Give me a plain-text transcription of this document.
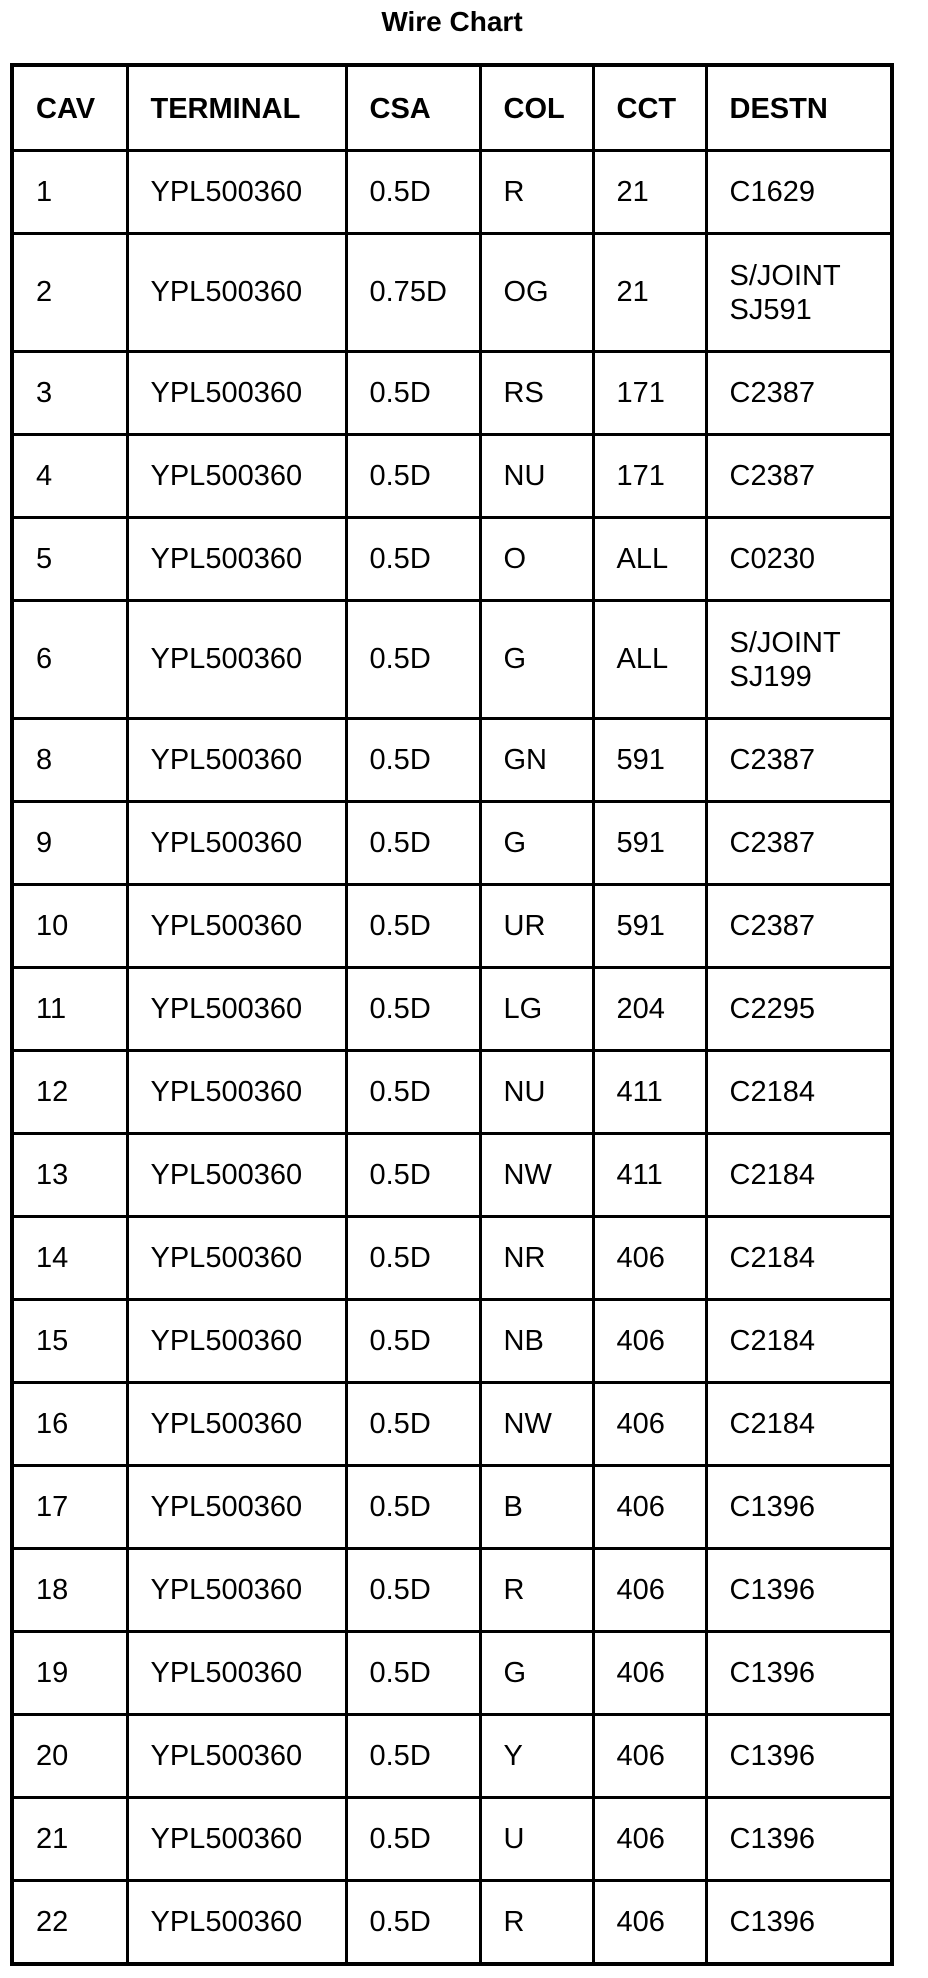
Wire Chart
CAV	TERMINAL	CSA	COL	CCT	DESTN
1	YPL500360	0.5D	R	21	C1629
2	YPL500360	0.75D	OG	21	S/JOINT SJ591
3	YPL500360	0.5D	RS	171	C2387
4	YPL500360	0.5D	NU	171	C2387
5	YPL500360	0.5D	O	ALL	C0230
6	YPL500360	0.5D	G	ALL	S/JOINT SJ199
8	YPL500360	0.5D	GN	591	C2387
9	YPL500360	0.5D	G	591	C2387
10	YPL500360	0.5D	UR	591	C2387
11	YPL500360	0.5D	LG	204	C2295
12	YPL500360	0.5D	NU	411	C2184
13	YPL500360	0.5D	NW	411	C2184
14	YPL500360	0.5D	NR	406	C2184
15	YPL500360	0.5D	NB	406	C2184
16	YPL500360	0.5D	NW	406	C2184
17	YPL500360	0.5D	B	406	C1396
18	YPL500360	0.5D	R	406	C1396
19	YPL500360	0.5D	G	406	C1396
20	YPL500360	0.5D	Y	406	C1396
21	YPL500360	0.5D	U	406	C1396
22	YPL500360	0.5D	R	406	C1396
